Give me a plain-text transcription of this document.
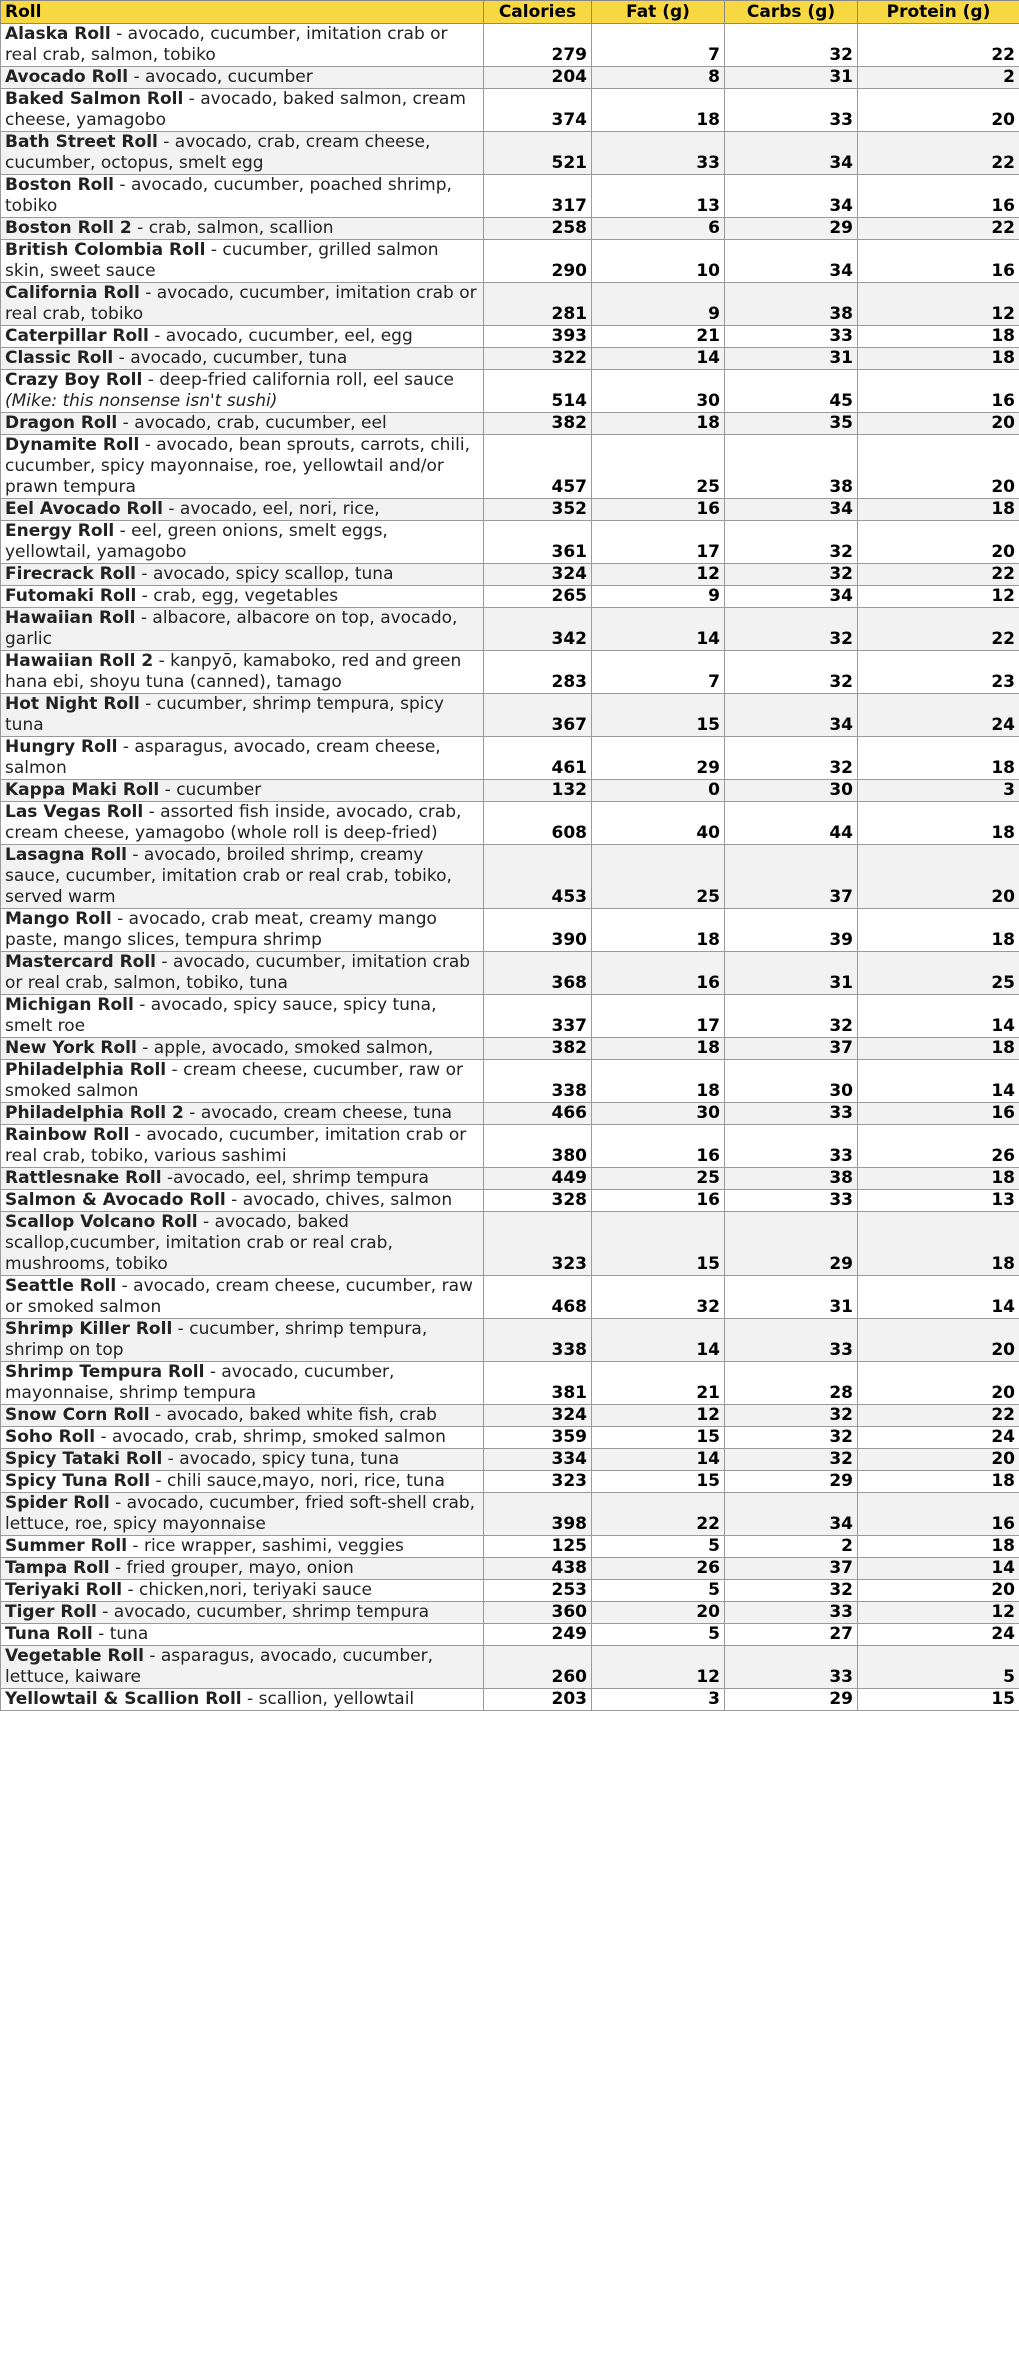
Roll	Calories	Fat (g)	Carbs (g)	Protein (g)
Alaska Roll - avocado, cucumber, imitation crab or real crab, salmon, tobiko	279	7	32	22
Avocado Roll - avocado, cucumber	204	8	31	2
Baked Salmon Roll - avocado, baked salmon, cream cheese, yamagobo	374	18	33	20
Bath Street Roll - avocado, crab, cream cheese, cucumber, octopus, smelt egg	521	33	34	22
Boston Roll - avocado, cucumber, poached shrimp, tobiko	317	13	34	16
Boston Roll 2 - crab, salmon, scallion	258	6	29	22
British Colombia Roll - cucumber, grilled salmon skin, sweet sauce	290	10	34	16
California Roll - avocado, cucumber, imitation crab or real crab, tobiko	281	9	38	12
Caterpillar Roll - avocado, cucumber, eel, egg	393	21	33	18
Classic Roll - avocado, cucumber, tuna	322	14	31	18
Crazy Boy Roll - deep-fried california roll, eel sauce (Mike: this nonsense isn't sushi)	514	30	45	16
Dragon Roll - avocado, crab, cucumber, eel	382	18	35	20
Dynamite Roll - avocado, bean sprouts, carrots, chili, cucumber, spicy mayonnaise, roe, yellowtail and/or prawn tempura	457	25	38	20
Eel Avocado Roll - avocado, eel, nori, rice,	352	16	34	18
Energy Roll - eel, green onions, smelt eggs, yellowtail, yamagobo	361	17	32	20
Firecrack Roll - avocado, spicy scallop, tuna	324	12	32	22
Futomaki Roll - crab, egg, vegetables	265	9	34	12
Hawaiian Roll - albacore, albacore on top, avocado, garlic	342	14	32	22
Hawaiian Roll 2 - kanpyō, kamaboko, red and green hana ebi, shoyu tuna (canned), tamago	283	7	32	23
Hot Night Roll - cucumber, shrimp tempura, spicy tuna	367	15	34	24
Hungry Roll - asparagus, avocado, cream cheese, salmon	461	29	32	18
Kappa Maki Roll - cucumber	132	0	30	3
Las Vegas Roll - assorted fish inside, avocado, crab, cream cheese, yamagobo (whole roll is deep-fried)	608	40	44	18
Lasagna Roll - avocado, broiled shrimp, creamy sauce, cucumber, imitation crab or real crab, tobiko, served warm	453	25	37	20
Mango Roll - avocado, crab meat, creamy mango paste, mango slices, tempura shrimp	390	18	39	18
Mastercard Roll - avocado, cucumber, imitation crab or real crab, salmon, tobiko, tuna	368	16	31	25
Michigan Roll - avocado, spicy sauce, spicy tuna, smelt roe	337	17	32	14
New York Roll - apple, avocado, smoked salmon,	382	18	37	18
Philadelphia Roll - cream cheese, cucumber, raw or smoked salmon	338	18	30	14
Philadelphia Roll 2 - avocado, cream cheese, tuna	466	30	33	16
Rainbow Roll - avocado, cucumber, imitation crab or real crab, tobiko, various sashimi	380	16	33	26
Rattlesnake Roll -avocado, eel, shrimp tempura	449	25	38	18
Salmon & Avocado Roll - avocado, chives, salmon	328	16	33	13
Scallop Volcano Roll - avocado, baked scallop,cucumber, imitation crab or real crab, mushrooms, tobiko	323	15	29	18
Seattle Roll - avocado, cream cheese, cucumber, raw or smoked salmon	468	32	31	14
Shrimp Killer Roll - cucumber, shrimp tempura, shrimp on top	338	14	33	20
Shrimp Tempura Roll - avocado, cucumber, mayonnaise, shrimp tempura	381	21	28	20
Snow Corn Roll - avocado, baked white fish, crab	324	12	32	22
Soho Roll - avocado, crab, shrimp, smoked salmon	359	15	32	24
Spicy Tataki Roll - avocado, spicy tuna, tuna	334	14	32	20
Spicy Tuna Roll - chili sauce,mayo, nori, rice, tuna	323	15	29	18
Spider Roll - avocado, cucumber, fried soft-shell crab, lettuce, roe, spicy mayonnaise	398	22	34	16
Summer Roll - rice wrapper, sashimi, veggies	125	5	2	18
Tampa Roll - fried grouper, mayo, onion	438	26	37	14
Teriyaki Roll - chicken,nori, teriyaki sauce	253	5	32	20
Tiger Roll - avocado, cucumber, shrimp tempura	360	20	33	12
Tuna Roll - tuna	249	5	27	24
Vegetable Roll - asparagus, avocado, cucumber, lettuce, kaiware	260	12	33	5
Yellowtail & Scallion Roll - scallion, yellowtail	203	3	29	15
